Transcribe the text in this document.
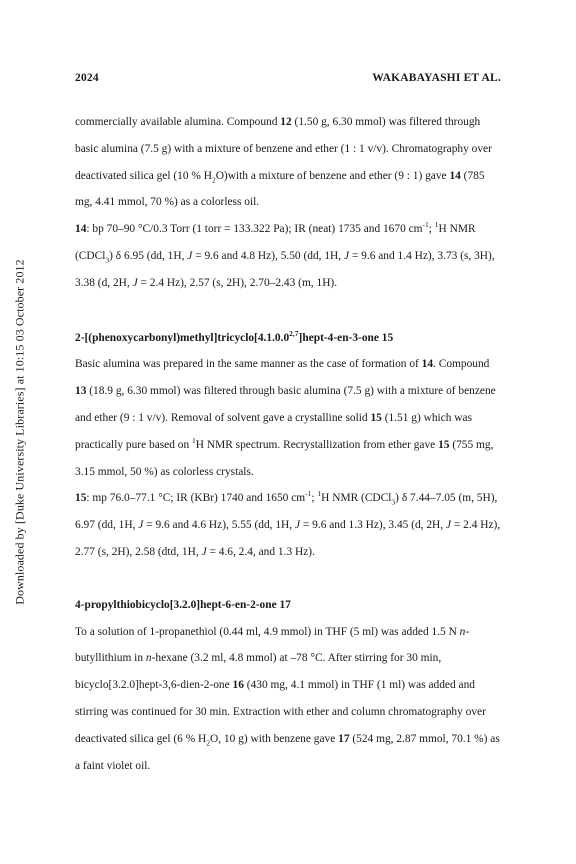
2024	WAKABAYASHI ET AL.
Downloaded by [Duke University Libraries] at 10:15 03 October 2012

commercially available alumina. Compound 12 (1.50 g, 6.30 mmol) was filtered through basic alumina (7.5 g) with a mixture of benzene and ether (1 : 1 v/v). Chromatography over deactivated silica gel (10 % $H_2O)with$ a mixture of benzene and ether (9 : 1) gave 14 (785 mg, 4.41 mmol, 70 %) as a colorless oil.

14: bp 70–90 °C/0.3 Torr (1 torr = 133.322 Pa); IR (neat) 1735 and 1670 $cm^{-1}$; $^1$H NMR (CDCl$_3$) δ 6.95 (dd, 1H, J = 9.6 and 4.8 Hz), 5.50 (dd, 1H, J = 9.6 and 1.4 Hz), 3.73 (s, 3H), 3.38 (d, 2H, J = 2.4 Hz), 2.57 (s, 2H), 2.70–2.43 (m, 1H).

2-[(phenoxycarbonyl)methyl]tricyclo[4.1.0.0$^{2,7}$]hept-4-en-3-one 15

Basic alumina was prepared in the same manner as the case of formation of 14. Compound 13 (18.9 g, 6.30 mmol) was filtered through basic alumina (7.5 g) with a mixture of benzene and ether (9 : 1 v/v). Removal of solvent gave a crystalline solid 15 (1.51 g) which was practically pure based on $^1$H NMR spectrum. Recrystallization from ether gave 15 (755 mg, 3.15 mmol, 50 %) as colorless crystals.

15: mp 76.0–77.1 °C; IR (KBr) 1740 and 1650 $cm^{-1}$; $^1$H NMR (CDCl$_3$) δ 7.44–7.05 (m, 5H), 6.97 (dd, 1H, J = 9.6 and 4.6 Hz), 5.55 (dd, 1H, J = 9.6 and 1.3 Hz), 3.45 (d, 2H, J = 2.4 Hz), 2.77 (s, 2H), 2.58 (dtd, 1H, J = 4.6, 2.4, and 1.3 Hz).

4-propylthiobicyclo[3.2.0]hept-6-en-2-one 17

To a solution of 1-propanethiol (0.44 ml, 4.9 mmol) in THF (5 ml) was added 1.5 N n-butyllithium in n-hexane (3.2 ml, 4.8 mmol) at –78 °C. After stirring for 30 min, bicyclo[3.2.0]hept-3,6-dien-2-one 16 (430 mg, 4.1 mmol) in THF (1 ml) was added and stirring was continued for 30 min. Extraction with ether and column chromatography over deactivated silica gel (6 % $H_2O$, 10 g) with benzene gave 17 (524 mg, 2.87 mmol, 70.1 %) as a faint violet oil.
